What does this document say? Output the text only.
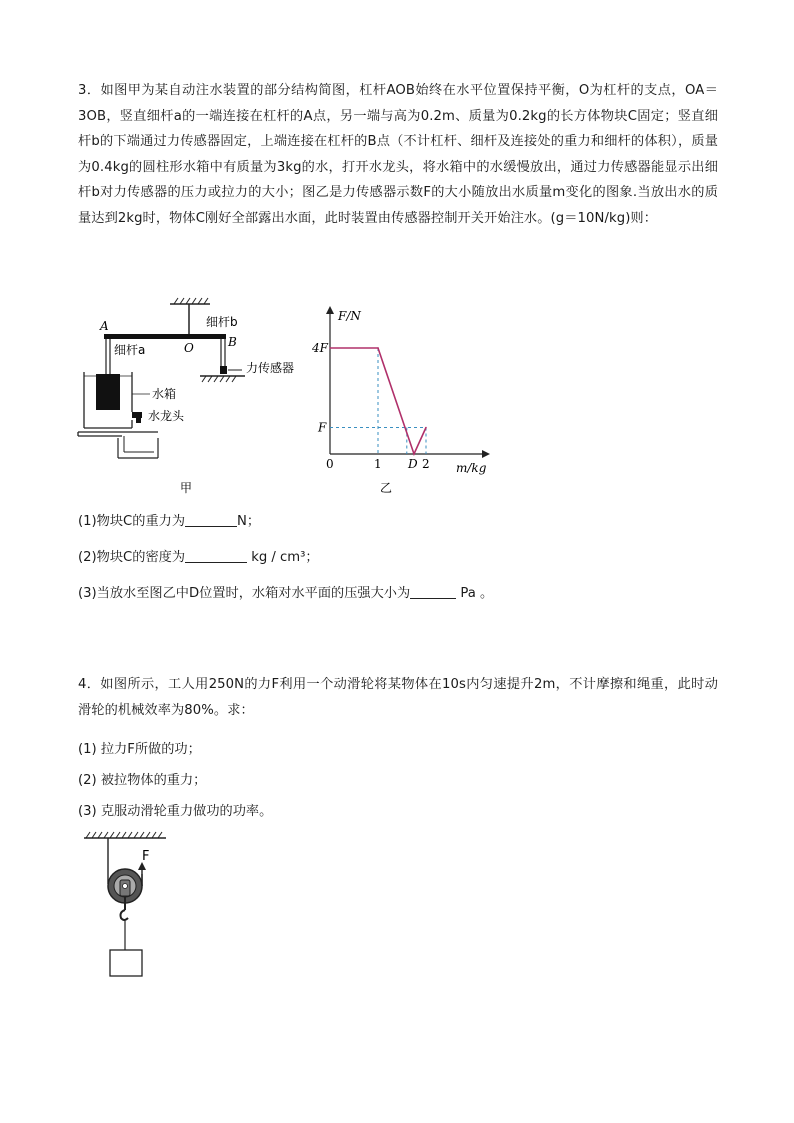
3．如图甲为某自动注水装置的部分结构简图，杠杆AOB始终在水平位置保持平衡，O为杠杆的支点，OA＝3OB，竖直细杆a的一端连接在杠杆的A点，另一端与高为0.2m、质量为0.2kg的长方体物块C固定；竖直细杆b的下端通过力传感器固定，上端连接在杠杆的B点（不计杠杆、细杆及连接处的重力和细杆的体积），质量为0.4kg的圆柱形水箱中有质量为3kg的水，打开水龙头，将水箱中的水缓慢放出，通过力传感器能显示出细杆b对力传感器的压力或拉力的大小；图乙是力传感器示数F的大小随放出水质量m变化的图象.当放出水的质量达到2kg时，物体C刚好全部露出水面，此时装置由传感器控制开关开始注水。(g＝10N/kg)则：
A
O	B
细杆b
细杆a
力传感器
水箱
水龙头
甲
F/N
m/kg
4F
F
0	1 D 2
乙
(1)物块C的重力为	N；
(2)物块C的密度为	kg / cm³；
(3)当放水至图乙中D位置时，水箱对水平面的压强大小为	Pa 。
4．如图所示，工人用250N的力F利用一个动滑轮将某物体在10s内匀速提升2m，不计摩擦和绳重，此时动滑轮的机械效率为80%。求：
(1) 拉力F所做的功；
(2) 被拉物体的重力；
(3) 克服动滑轮重力做功的功率。
F
